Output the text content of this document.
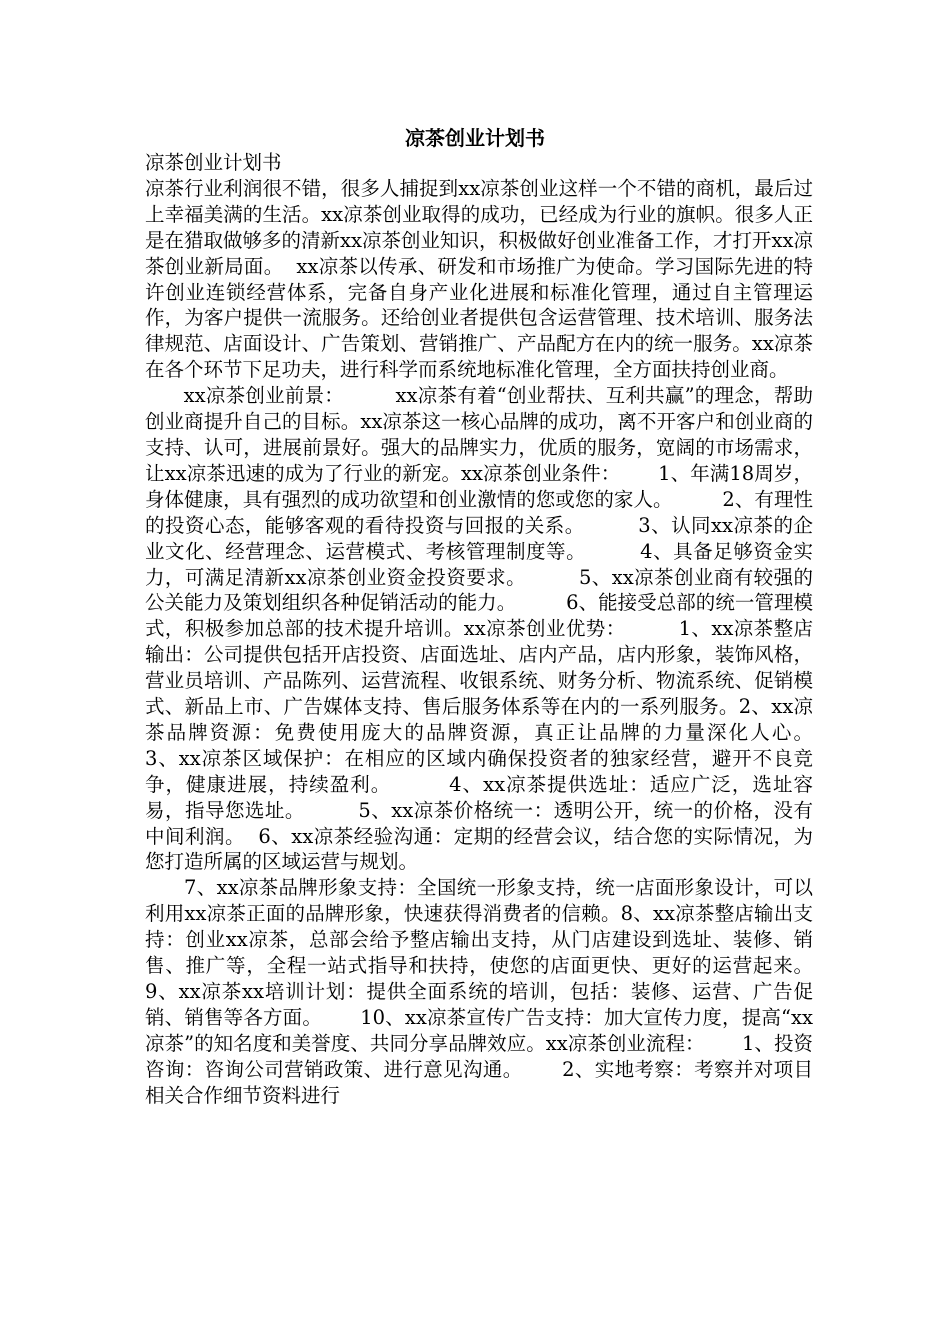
凉茶创业计划书

凉茶创业计划书

凉茶行业利润很不错，很多人捕捉到xx凉茶创业这样一个不错的商机，最后过上幸福美满的生活。xx凉茶创业取得的成功，已经成为行业的旗帜。很多人正是在猎取做够多的清新xx凉茶创业知识，积极做好创业准备工作，才打开xx凉茶创业新局面。  xx凉茶以传承、研发和市场推广为使命。学习国际先进的特许创业连锁经营体系，完备自身产业化进展和标准化管理，通过自主管理运作，为客户提供一流服务。还给创业者提供包含运营管理、技术培训、服务法律规范、店面设计、广告策划、营销推广、产品配方在内的统一服务。xx凉茶在各个环节下足功夫，进行科学而系统地标准化管理，全方面扶持创业商。

xx凉茶创业前景：        xx凉茶有着“创业帮扶、互利共赢”的理念，帮助创业商提升自己的目标。xx凉茶这一核心品牌的成功，离不开客户和创业商的支持、认可，进展前景好。强大的品牌实力，优质的服务，宽阔的市场需求，让xx凉茶迅速的成为了行业的新宠。xx凉茶创业条件：      1、年满18周岁，身体健康，具有强烈的成功欲望和创业激情的您或您的家人。        2、有理性的投资心态，能够客观的看待投资与回报的关系。        3、认同xx凉茶的企业文化、经营理念、运营模式、考核管理制度等。        4、具备足够资金实力，可满足清新xx凉茶创业资金投资要求。        5、xx凉茶创业商有较强的公关能力及策划组织各种促销活动的能力。        6、能接受总部的统一管理模式，积极参加总部的技术提升培训。xx凉茶创业优势：        1、xx凉茶整店输出：公司提供包括开店投资、店面选址、店内产品，店内形象，装饰风格，营业员培训、产品陈列、运营流程、收银系统、财务分析、物流系统、促销模式、新品上市、广告媒体支持、售后服务体系等在内的一系列服务。2、xx凉茶品牌资源：免费使用庞大的品牌资源，真正让品牌的力量深化人心。        3、xx凉茶区域保护：在相应的区域内确保投资者的独家经营，避开不良竞争，健康进展，持续盈利。        4、xx凉茶提供选址：适应广泛，选址容易，指导您选址。        5、xx凉茶价格统一：透明公开，统一的价格，没有中间利润。  6、xx凉茶经验沟通：定期的经营会议，结合您的实际情况，为您打造所属的区域运营与规划。

7、xx凉茶品牌形象支持：全国统一形象支持，统一店面形象设计，可以利用xx凉茶正面的品牌形象，快速获得消费者的信赖。8、xx凉茶整店输出支持：创业xx凉茶，总部会给予整店输出支持，从门店建设到选址、装修、销售、推广等，全程一站式指导和扶持，使您的店面更快、更好的运营起来。        9、xx凉茶xx培训计划：提供全面系统的培训，包括：装修、运营、广告促销、销售等各方面。      10、xx凉茶宣传广告支持：加大宣传力度，提高“xx凉茶”的知名度和美誉度、共同分享品牌效应。xx凉茶创业流程：      1、投资咨询：咨询公司营销政策、进行意见沟通。      2、实地考察：考察并对项目相关合作细节资料进行
